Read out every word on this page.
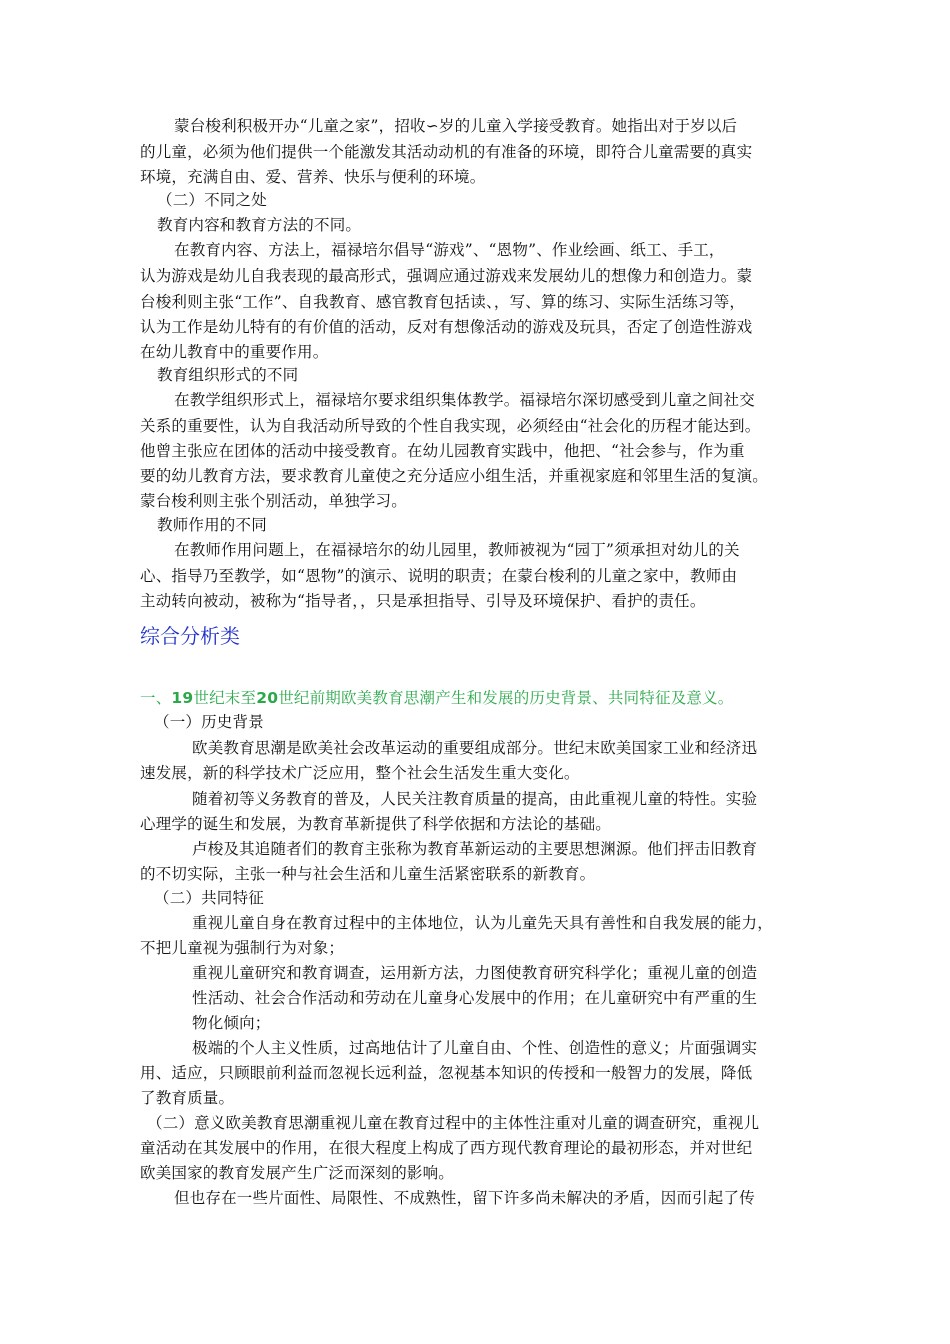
蒙台梭利积极开办“儿童之家”，招收∽岁的儿童入学接受教育。她指出对于岁以后
的儿童，必须为他们提供一个能激发其活动动机的有准备的环境，即符合儿童需要的真实
环境，充满自由、爱、营养、快乐与便利的环境。
（二）不同之处
教育内容和教育方法的不同。
在教育内容、方法上，福禄培尔倡导“游戏”、“恩物”、作业绘画、纸工、手工，
认为游戏是幼儿自我表现的最高形式，强调应通过游戏来发展幼儿的想像力和创造力。蒙
台梭利则主张“工作”、自我教育、感官教育包括读、，写、算的练习、实际生活练习等，
认为工作是幼儿特有的有价值的活动，反对有想像活动的游戏及玩具，否定了创造性游戏
在幼儿教育中的重要作用。
教育组织形式的不同
在教学组织形式上，福禄培尔要求组织集体教学。福禄培尔深切感受到儿童之间社交
关系的重要性，认为自我活动所导致的个性自我实现，必须经由“社会化的历程才能达到。
他曾主张应在团体的活动中接受教育。在幼儿园教育实践中，他把、“社会参与，作为重
要的幼儿教育方法，要求教育儿童使之充分适应小组生活，并重视家庭和邻里生活的复演。
蒙台梭利则主张个别活动，单独学习。
教师作用的不同
在教师作用问题上，在福禄培尔的幼儿园里，教师被视为“园丁”须承担对幼儿的关
心、指导乃至教学，如“恩物”的演示、说明的职责；在蒙台梭利的儿童之家中，教师由
主动转向被动，被称为“指导者，，只是承担指导、引导及环境保护、看护的责任。
综合分析类
一、19世纪末至20世纪前期欧美教育思潮产生和发展的历史背景、共同特征及意义。
（一）历史背景
欧美教育思潮是欧美社会改革运动的重要组成部分。世纪末欧美国家工业和经济迅
速发展，新的科学技术广泛应用，整个社会生活发生重大变化。
随着初等义务教育的普及，人民关注教育质量的提高，由此重视儿童的特性。实验
心理学的诞生和发展，为教育革新提供了科学依据和方法论的基础。
卢梭及其追随者们的教育主张称为教育革新运动的主要思想渊源。他们抨击旧教育
的不切实际，主张一种与社会生活和儿童生活紧密联系的新教育。
（二）共同特征
重视儿童自身在教育过程中的主体地位，认为儿童先天具有善性和自我发展的能力，
不把儿童视为强制行为对象；
重视儿童研究和教育调查，运用新方法，力图使教育研究科学化；重视儿童的创造
性活动、社会合作活动和劳动在儿童身心发展中的作用；在儿童研究中有严重的生
物化倾向；
极端的个人主义性质，过高地估计了儿童自由、个性、创造性的意义；片面强调实
用、适应，只顾眼前利益而忽视长远利益，忽视基本知识的传授和一般智力的发展，降低
了教育质量。
（二）意义欧美教育思潮重视儿童在教育过程中的主体性注重对儿童的调查研究，重视儿
童活动在其发展中的作用，在很大程度上构成了西方现代教育理论的最初形态，并对世纪
欧美国家的教育发展产生广泛而深刻的影响。
但也存在一些片面性、局限性、不成熟性，留下许多尚未解决的矛盾，因而引起了传
